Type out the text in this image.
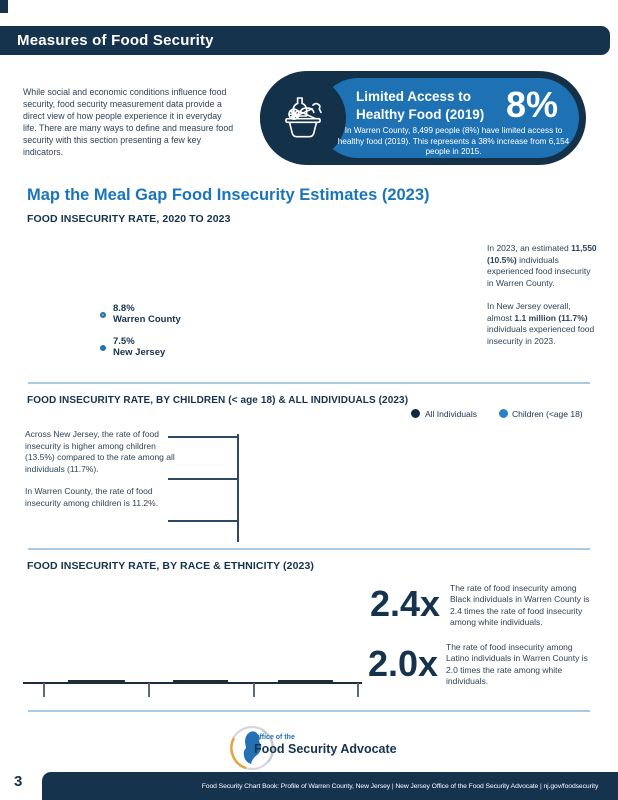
Measures of Food Security
While social and economic conditions influence food security, food security measurement data provide a direct view of how people experience it in everyday life. There are many ways to define and measure food security with this section presenting a few key indicators.
Limited Access to
Healthy Food (2019) 8%
In Warren County, 8,499 people (8%) have limited access to healthy food (2019). This represents a 38% increase from 6,154 people in 2015.
Map the Meal Gap Food Insecurity Estimates (2023)
FOOD INSECURITY RATE, 2020 TO 2023
8.8%
Warren County
7.5%
New Jersey

In 2023, an estimated 11,550 (10.5%) individuals experienced food insecurity in Warren County.

In New Jersey overall, almost 1.1 million (11.7%) individuals experienced food insecurity in 2023.

FOOD INSECURITY RATE, BY CHILDREN (< age 18) & ALL INDIVIDUALS (2023)
All Individuals	Children (<age 18)

Across New Jersey, the rate of food insecurity is higher among children (13.5%) compared to the rate among all individuals (11.7%).

In Warren County, the rate of food insecurity among children is 11.2%.

FOOD INSECURITY RATE, BY RACE & ETHNICITY (2023)
2.4x The rate of food insecurity among Black individuals in Warren County is 2.4 times the rate of food insecurity among white individuals.
2.0x The rate of food insecurity among Latino individuals in Warren County is 2.0 times the rate among white individuals.
Office of the
Food Security Advocate
3	Food Security Chart Book: Profile of Warren County, New Jersey | New Jersey Office of the Food Security Advocate | nj.gov/foodsecurity
